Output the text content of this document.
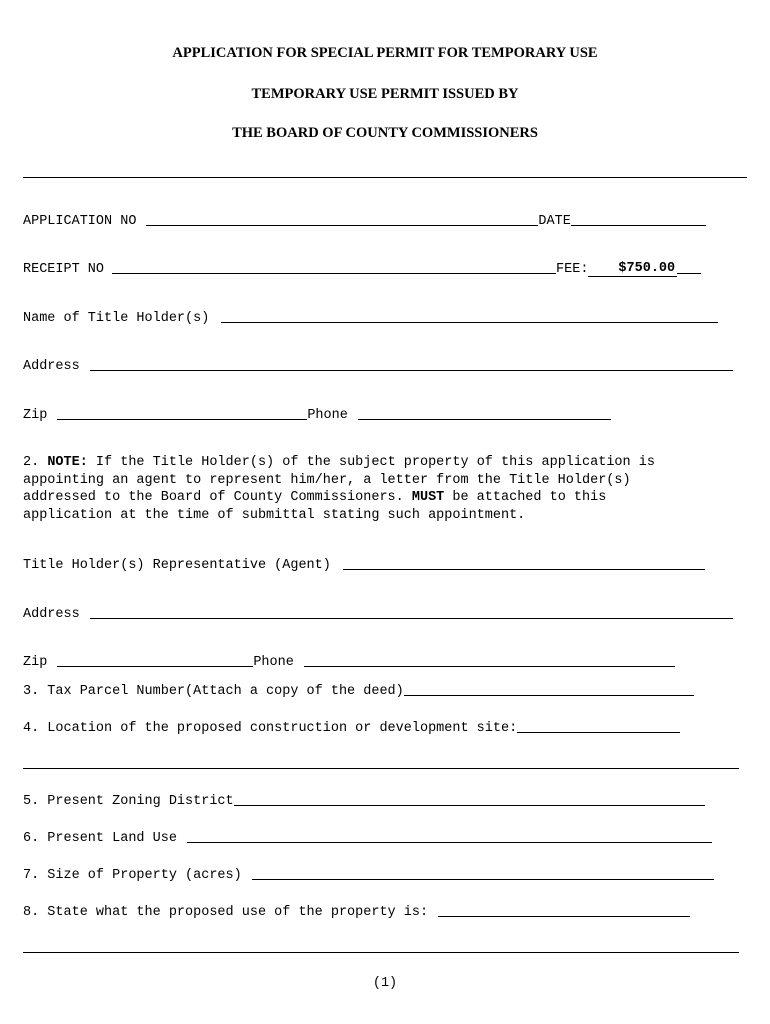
APPLICATION FOR SPECIAL PERMIT FOR TEMPORARY USE
TEMPORARY USE PERMIT ISSUED BY
THE BOARD OF COUNTY COMMISSIONERS
APPLICATION NO	DATE
RECEIPT NO	FEE:	$750.00
Name of Title Holder(s)
Address
Zip	Phone
2. NOTE: If the Title Holder(s) of the subject property of this application is
appointing an agent to represent him/her, a letter from the Title Holder(s)
addressed to the Board of County Commissioners. MUST be attached to this
application at the time of submittal stating such appointment.
Title Holder(s) Representative (Agent)
Address
Zip	Phone
3. Tax Parcel Number(Attach a copy of the deed)
4. Location of the proposed construction or development site:
5. Present Zoning District
6. Present Land Use
7. Size of Property (acres)
8. State what the proposed use of the property is:
(1)
